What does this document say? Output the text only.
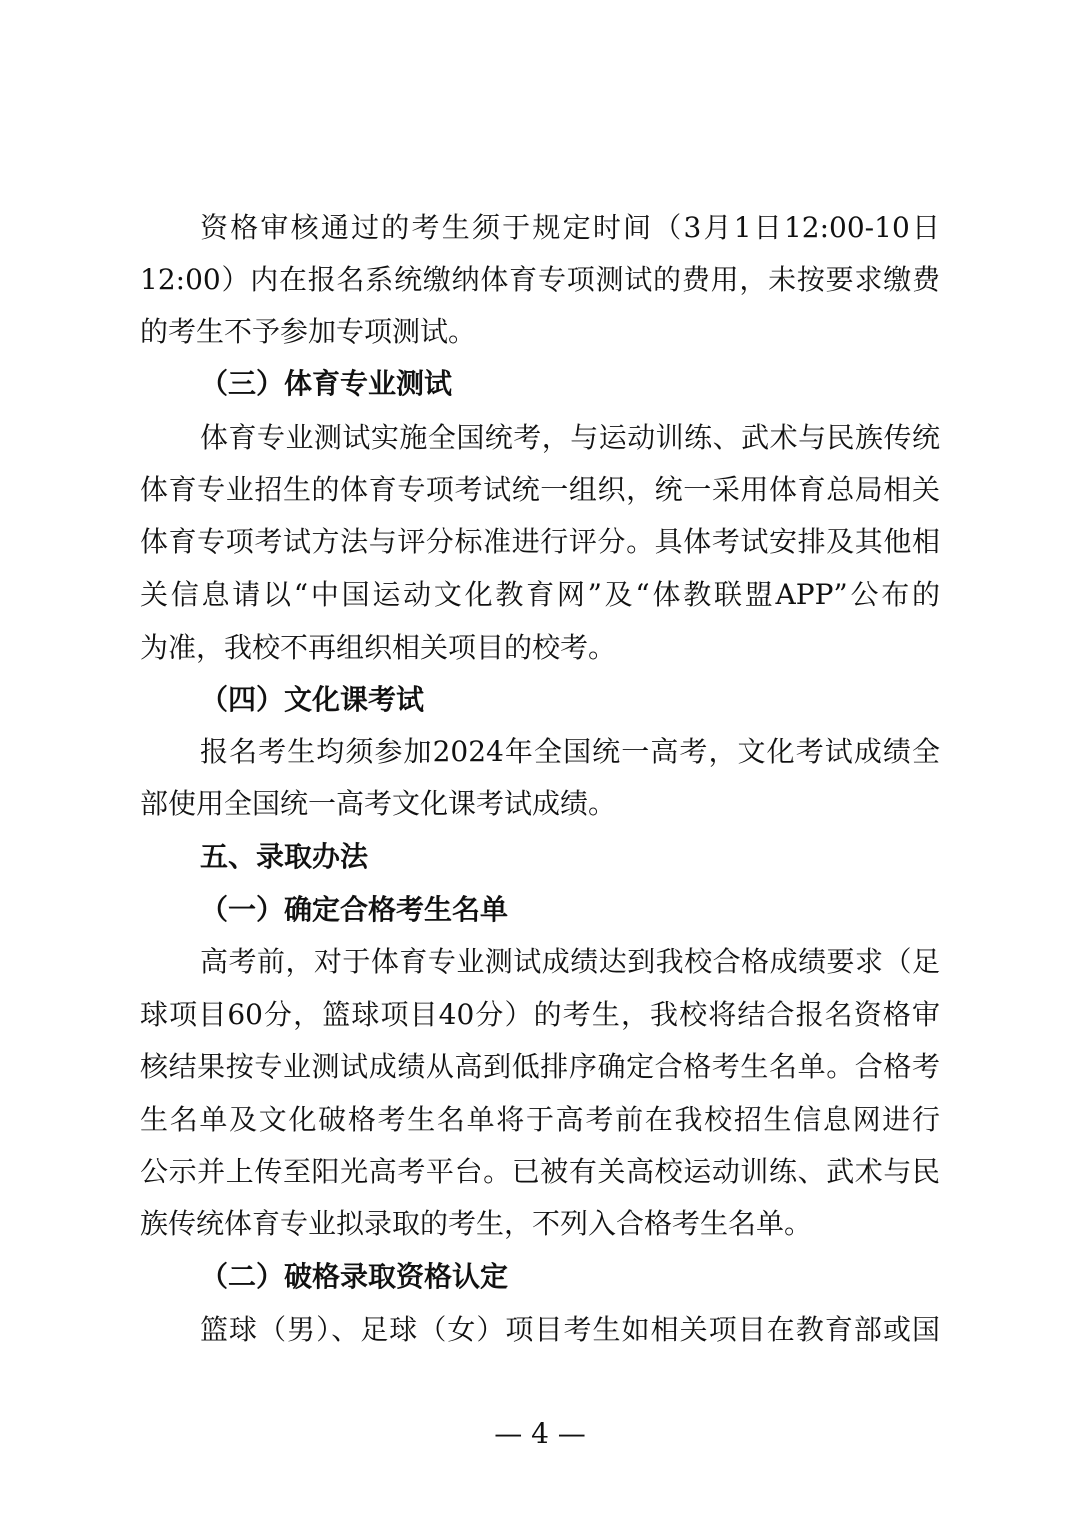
资格审核通过的考生须于规定时间（3月1日12:00-10日
12:00）内在报名系统缴纳体育专项测试的费用，未按要求缴费
的考生不予参加专项测试。
（三）体育专业测试
体育专业测试实施全国统考，与运动训练、武术与民族传统
体育专业招生的体育专项考试统一组织，统一采用体育总局相关
体育专项考试方法与评分标准进行评分。具体考试安排及其他相
关信息请以“中国运动文化教育网”及“体教联盟APP”公布的
为准，我校不再组织相关项目的校考。
（四）文化课考试
报名考生均须参加2024年全国统一高考，文化考试成绩全
部使用全国统一高考文化课考试成绩。
五、录取办法
（一）确定合格考生名单
高考前，对于体育专业测试成绩达到我校合格成绩要求（足
球项目60分，篮球项目40分）的考生，我校将结合报名资格审
核结果按专业测试成绩从高到低排序确定合格考生名单。合格考
生名单及文化破格考生名单将于高考前在我校招生信息网进行
公示并上传至阳光高考平台。已被有关高校运动训练、武术与民
族传统体育专业拟录取的考生，不列入合格考生名单。
（二）破格录取资格认定
篮球（男）、足球（女）项目考生如相关项目在教育部或国
— 4 —
